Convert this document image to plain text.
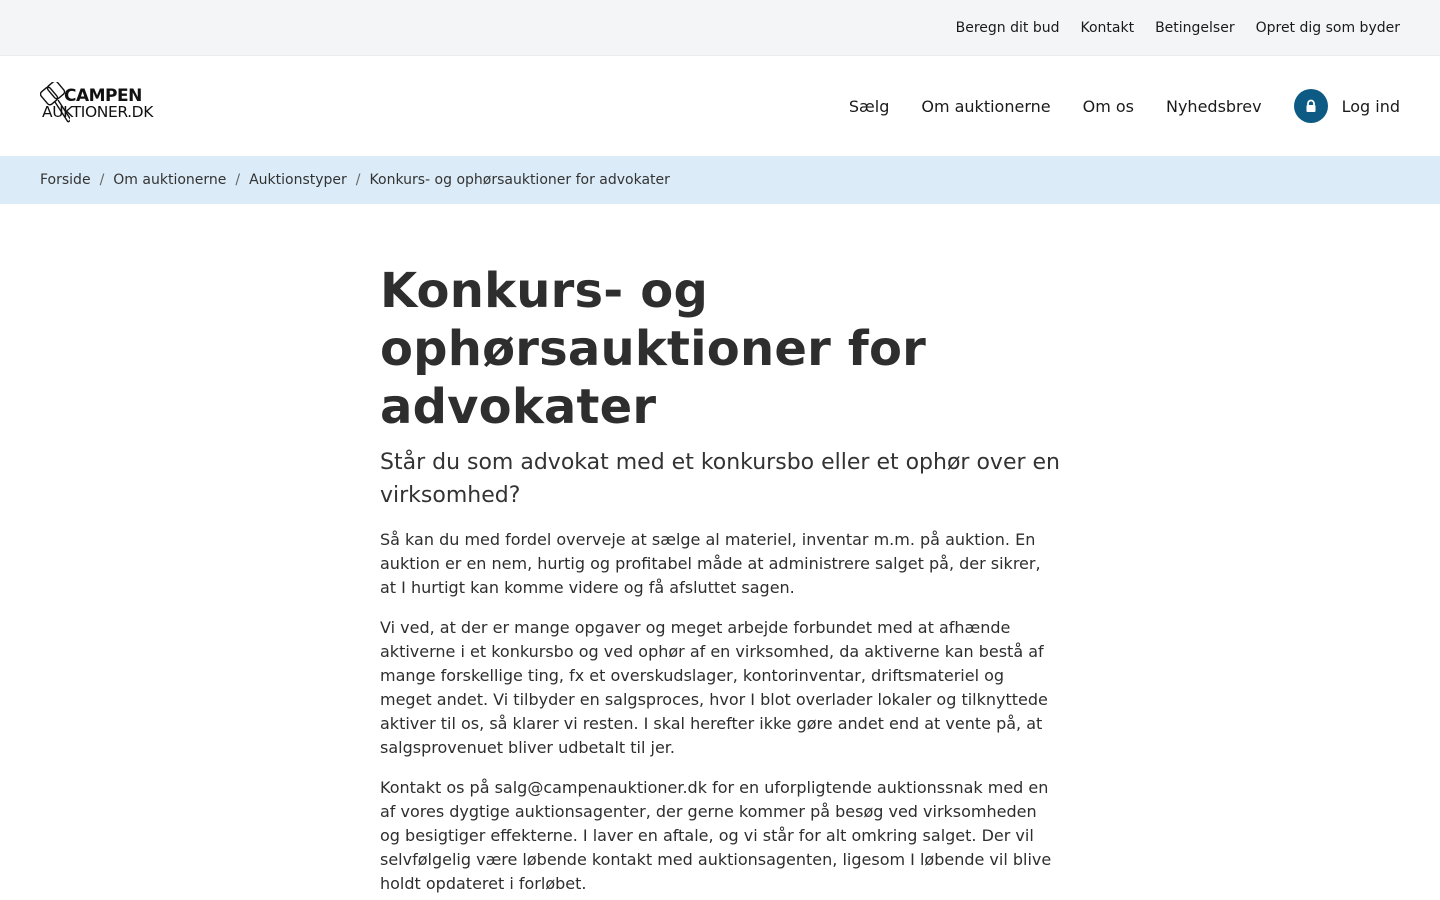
Beregn dit bud Kontakt Betingelser Opret dig som byder
CAMPEN
AUKTIONER.DK	Sælg Om auktionerne Om os Nyhedsbrev	Log ind
Forside / Om auktionerne / Auktionstyper / Konkurs- og ophørsauktioner for advokater
Konkurs- og ophørsauktioner for advokater
Står du som advokat med et konkursbo eller et ophør over en virksomhed?

Så kan du med fordel overveje at sælge al materiel, inventar m.m. på auktion. En auktion er en nem, hurtig og profitabel måde at administrere salget på, der sikrer, at I hurtigt kan komme videre og få afsluttet sagen.

Vi ved, at der er mange opgaver og meget arbejde forbundet med at afhænde aktiverne i et konkursbo og ved ophør af en virksomhed, da aktiverne kan bestå af mange forskellige ting, fx et overskudslager, kontorinventar, driftsmateriel og meget andet. Vi tilbyder en salgsproces, hvor I blot overlader lokaler og tilknyttede aktiver til os, så klarer vi resten. I skal herefter ikke gøre andet end at vente på, at salgsprovenuet bliver udbetalt til jer.

Kontakt os på salg@campenauktioner.dk for en uforpligtende auktionssnak med en af vores dygtige auktionsagenter, der gerne kommer på besøg ved virksomheden og besigtiger effekterne. I laver en aftale, og vi står for alt omkring salget. Der vil selvfølgelig være løbende kontakt med auktionsagenten, ligesom I løbende vil blive holdt opdateret i forløbet.
